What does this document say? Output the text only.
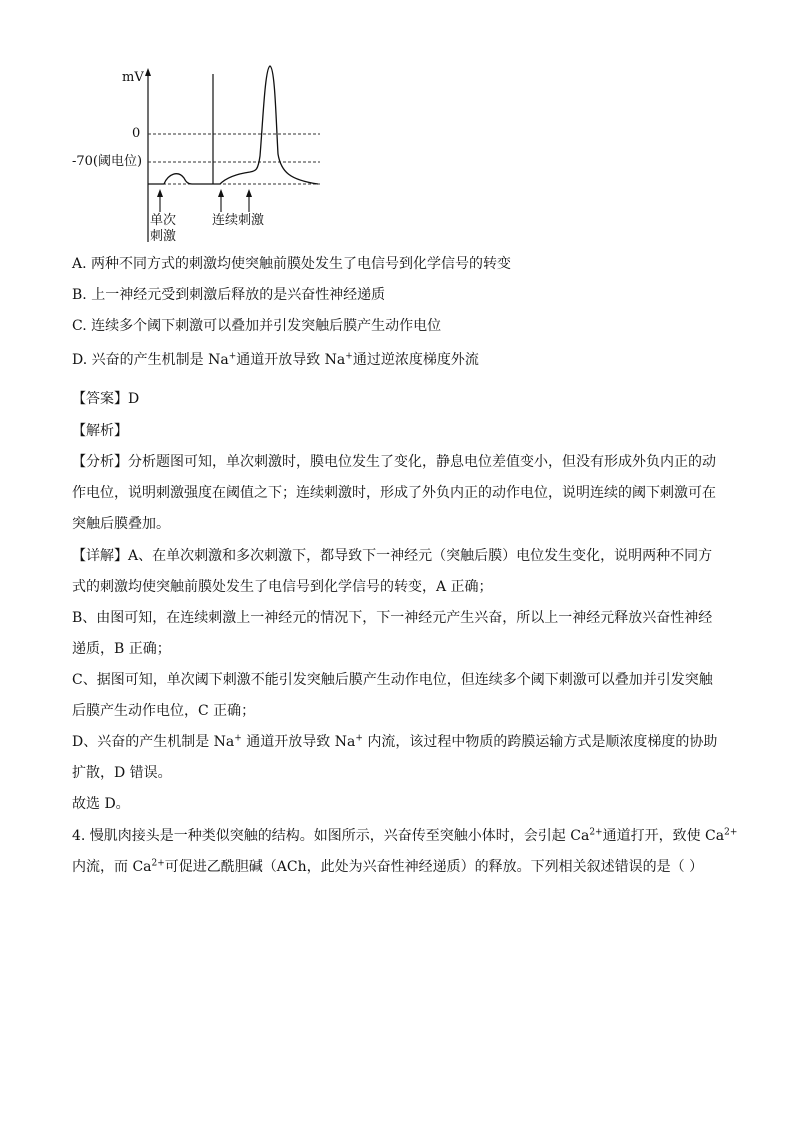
mV
0
-70(阈电位)
单次
刺激
连续刺激
A. 两种不同方式的刺激均使突触前膜处发生了电信号到化学信号的转变
B. 上一神经元受到刺激后释放的是兴奋性神经递质
C. 连续多个阈下刺激可以叠加并引发突触后膜产生动作电位
D. 兴奋的产生机制是 Na+通道开放导致 Na+通过逆浓度梯度外流
【答案】D
【解析】
【分析】分析题图可知，单次刺激时，膜电位发生了变化，静息电位差值变小，但没有形成外负内正的动
作电位，说明刺激强度在阈值之下；连续刺激时，形成了外负内正的动作电位，说明连续的阈下刺激可在
突触后膜叠加。
【详解】A、在单次刺激和多次刺激下，都导致下一神经元（突触后膜）电位发生变化，说明两种不同方
式的刺激均使突触前膜处发生了电信号到化学信号的转变，A 正确；
B、由图可知，在连续刺激上一神经元的情况下，下一神经元产生兴奋，所以上一神经元释放兴奋性神经
递质，B 正确；
C、据图可知，单次阈下刺激不能引发突触后膜产生动作电位，但连续多个阈下刺激可以叠加并引发突触
后膜产生动作电位，C 正确；
D、兴奋的产生机制是 Na+ 通道开放导致 Na+ 内流，该过程中物质的跨膜运输方式是顺浓度梯度的协助
扩散，D 错误。
故选 D。
4. 慢肌肉接头是一种类似突触的结构。如图所示，兴奋传至突触小体时，会引起 $Ca^{2+}$通道打开，致使 $Ca^{2+}$
内流，而 $Ca^{2+}$可促进乙酰胆碱（ACh，此处为兴奋性神经递质）的释放。下列相关叙述错误的是（ ）
